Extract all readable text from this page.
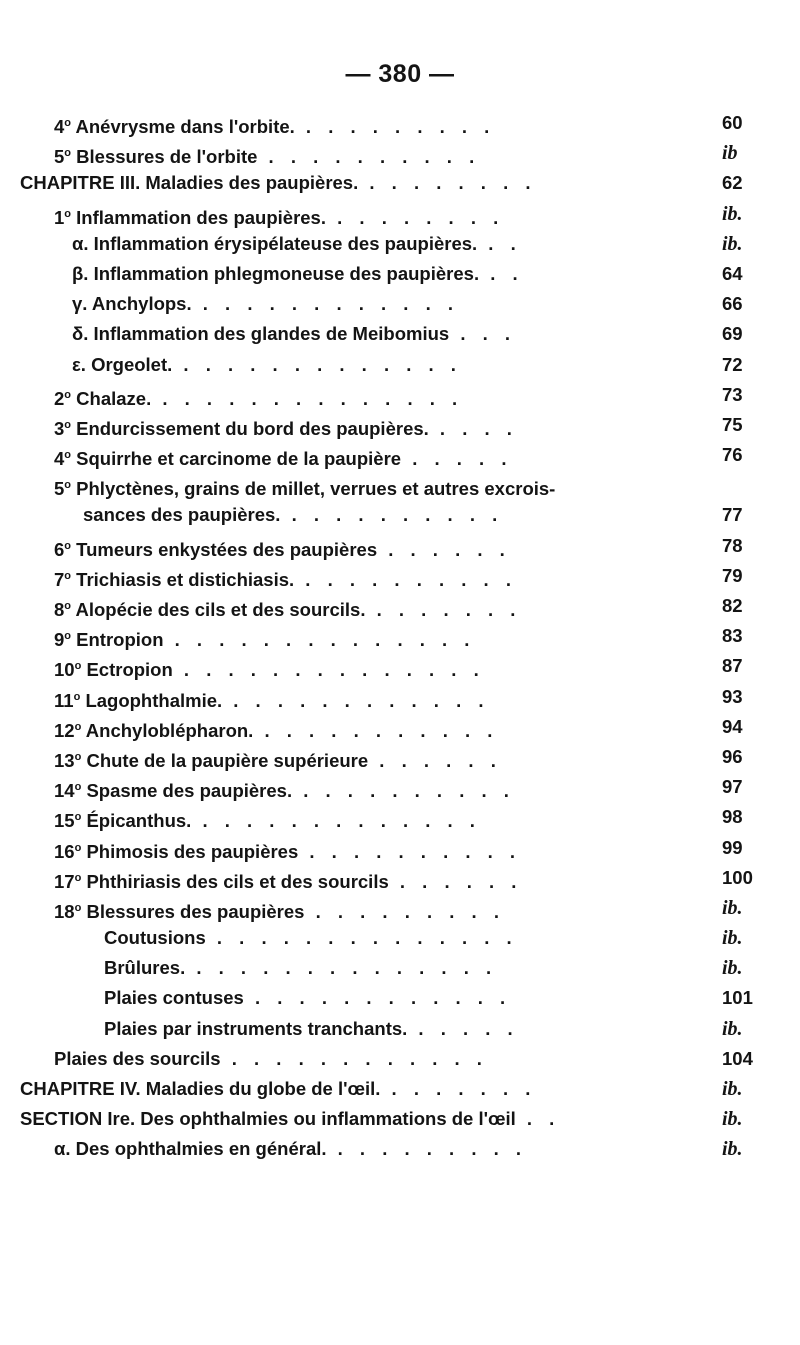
— 380 —
4$^o$ Anévrysme dans l'orbite. . . . . . . . . .	60
5$^o$ Blessures de l'orbite . . . . . . . . . .	ib
CHAPITRE III. Maladies des paupières. . . . . . . . .	62
1$^o$ Inflammation des paupières. . . . . . . . .	ib.
α. Inflammation érysipélateuse des paupières. . .	ib.
β. Inflammation phlegmoneuse des paupières. . .	64
γ. Anchylops. . . . . . . . . . . . .	66
δ. Inflammation des glandes de Meibomius . . .	69
ε. Orgeolet. . . . . . . . . . . . . .	72
2$^o$ Chalaze. . . . . . . . . . . . . . .	73
3$^o$ Endurcissement du bord des paupières. . . . .	75
4$^o$ Squirrhe et carcinome de la paupière . . . . .	76
5$^o$ Phlyctènes, grains de millet, verrues et autres excrois-
sances des paupières. . . . . . . . . . .	77
6$^o$ Tumeurs enkystées des paupières . . . . . .	78
7$^o$ Trichiasis et distichiasis. . . . . . . . . . .	79
8$^o$ Alopécie des cils et des sourcils. . . . . . . .	82
9$^o$ Entropion . . . . . . . . . . . . . .	83
10$^o$ Ectropion . . . . . . . . . . . . . .	87
11$^o$ Lagophthalmie. . . . . . . . . . . . .	93
12$^o$ Anchyloblépharon. . . . . . . . . . . .	94
13$^o$ Chute de la paupière supérieure . . . . . .	96
14$^o$ Spasme des paupières. . . . . . . . . . .	97
15$^o$ Épicanthus. . . . . . . . . . . . . .	98
16$^o$ Phimosis des paupières . . . . . . . . . .	99
17$^o$ Phthiriasis des cils et des sourcils . . . . . .	100
18$^o$ Blessures des paupières . . . . . . . . .	ib.
Coutusions . . . . . . . . . . . . . .	ib.
Brûlures. . . . . . . . . . . . . . .	ib.
Plaies contuses . . . . . . . . . . . .	101
Plaies par instruments tranchants. . . . . .	ib.
Plaies des sourcils . . . . . . . . . . . .	104
CHAPITRE IV. Maladies du globe de l'œil. . . . . . . .	ib.
SECTION Ire. Des ophthalmies ou inflammations de l'œil . .	ib.
α. Des ophthalmies en général. . . . . . . . . .	ib.
